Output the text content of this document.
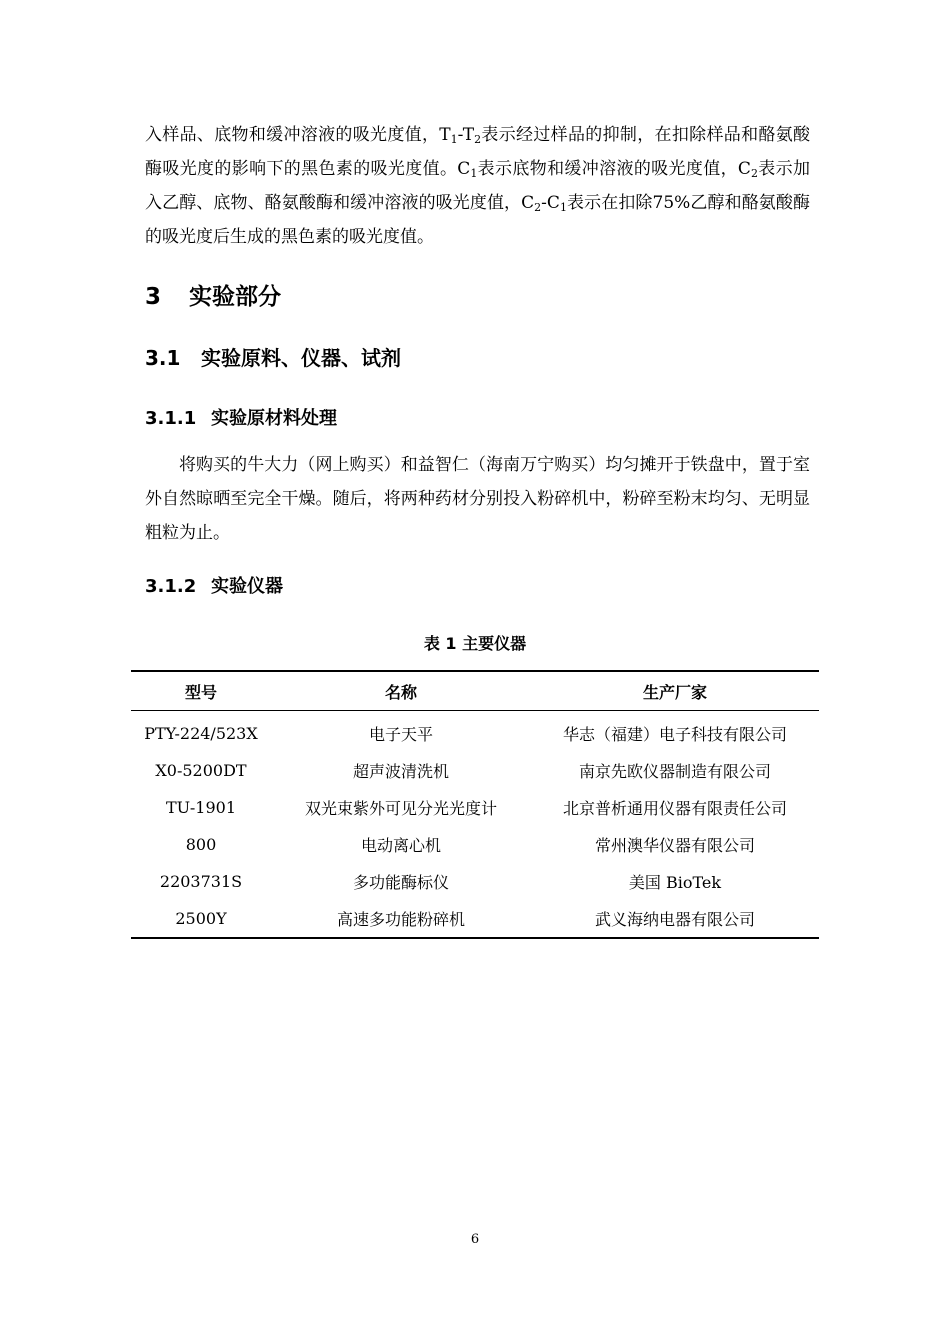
入样品、底物和缓冲溶液的吸光度值，$T_1-T_2$表示经过样品的抑制，在扣除样品和酪氨酸酶吸光度的影响下的黑色素的吸光度值。$C_1$表示底物和缓冲溶液的吸光度值，$C_2$表示加入乙醇、底物、酪氨酸酶和缓冲溶液的吸光度值，$C_2-C_1$表示在扣除75%乙醇和酪氨酸酶的吸光度后生成的黑色素的吸光度值。

3 实验部分
3.1 实验原料、仪器、试剂
3.1.1 实验原材料处理

将购买的牛大力（网上购买）和益智仁（海南万宁购买）均匀摊开于铁盘中，置于室外自然晾晒至完全干燥。随后，将两种药材分别投入粉碎机中，粉碎至粉末均匀、无明显粗粒为止。

3.1.2 实验仪器
表 1 主要仪器
型号	名称	生产厂家
PTY-224/523X	电子天平	华志（福建）电子科技有限公司
X0-5200DT	超声波清洗机	南京先欧仪器制造有限公司
TU-1901	双光束紫外可见分光光度计	北京普析通用仪器有限责任公司
800	电动离心机	常州澳华仪器有限公司
2203731S	多功能酶标仪	美国 BioTek
2500Y	高速多功能粉碎机	武义海纳电器有限公司
6
